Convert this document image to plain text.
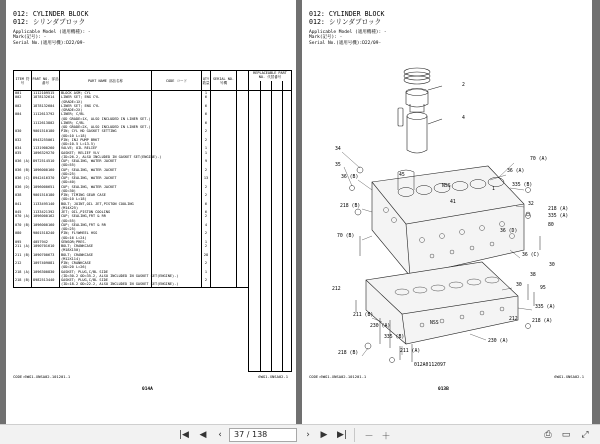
012: CYLINDER BLOCK
012: シリンダブロック
Applicable Model (適用機種): -
Mark(記号): -
Serial No.(適用号機):D22/09-
ITEM 符号	PART NO. 部品番号	PART NAME 部品名称	CODE コード	QTY 数量	SERIAL NO. 号機	
001	1112109515	BLOCK ASM; CYL		1		
002	1878132614	LINER SET; ENG CYL		6		
		(GRADE=1X)				
002	1878132604	LINER SET; ENG CYL		6		
		(GRADE=2X)				
004	1112613792	LINER; C/BL		6		
		(OD GRADE=1X, ALSO INCLUDED IN LINER SET.)				
	1112613802	LINER; C/BL		6		
		(OD GRADE=2X, ALSO INCLUDED IN LINER SET.)				
030	9001510180	PIN; CYL HD GASKET SETTING		2		
		(OD=10 L=18)				
032	8943255061	PIN; INJ PUMP BRKT		2		
		(OD=10.5 L=13.5)				
034	1131900260	VALVE; OIL RELIEF		1		
035	1096329270	GASKET; RELIEF VLV		1		
		(ID=26.2, ALSO INCLUDED IN GASKET SET(ENGINE).)				
036 (A)	8972514510	CUP; SEALING, WATER JACKET		9		
		(OD=55)				
036 (B)	1096000160	CUP; SEALING, WATER JACKET		2		
		(OD=25)				
036 (C)	8942416370	CUP; SEALING, WATER JACKET		13		
		(OD=40)				
036 (D)	1096000651	CUP; SEALING, WATER JACKET		2		
		(OD=30)				
038	9001510180	PIN; TIMING GEAR CASE		2		
		(OD=10 L=18)				
041	1133495140	BOLT; JOINT,OIL JET,PISTON COOLING		6		
		(M14X25)				
045	1133421392	JET; OIL,PISTON COOLING		6		
070 (A)	1096000162	CUP; SEALING,FRT & RR		2		
		(OD=55)				
070 (B)	1096000160	CUP; SEALING,FRT & RR		4		
		(OD=25)				
080	9001518240	PIN; FLYWHEEL HSG		2		
		(OD=16 L=24)				
095	4057942	SENSOR;PRES.		1		
211 (A)	1090701610	BOLT; CRANKCASE		2		
		(M18X150)				
211 (B)	1090700673	BOLT; CRANKCASE		28		
		(M12X114)				
212	1097409081	PIN; CRANKCASE		2		
		(OD=20 L=26)				
218 (A)	1096300830	GASKET; PLUG,C/BL SIDE		1		
		(ID=30.2 OD=35.2, ALSO INCLUDED IN GASKET SET(ENGINE).)				
218 (B)	8982513440	GASKET; PLUG,C/BL SIDE		2		
		(ID=18.2 OD=22.2, ALSO INCLUDED IN GASKET SET(ENGINE).)				
REPLACEABLE PART NO. 代替番号
CODE:6WG1-XNSA02-101201-1	6WG1-XNSA02-1
014A
012: CYLINDER BLOCK
012: シリンダブロック
Applicable Model (適用機種): -
Mark(記号): -
Serial No.(適用号機):D22/09-
2
4
34
35
36 (B)
70 (A)
36 (A)
NSS
45
1
41
335 (B)
32
218 (B)
218 (A)
335 (A)
80
70 (B)
36 (C)
36 (D)
30
38
30
95
212
335 (A)
211 (B)
218 (A)
NSS
212
230 (A)
230 (A)
335 (B)
218 (B)	211 (A)
012A0112097
CODE:6WG1-XNSA02-101201-1	6WG1-XNSA02-1
013B
|◀	◀	‹	37 / 138	›	▶	▶|	－ ＋	⎙	▭	⤢
